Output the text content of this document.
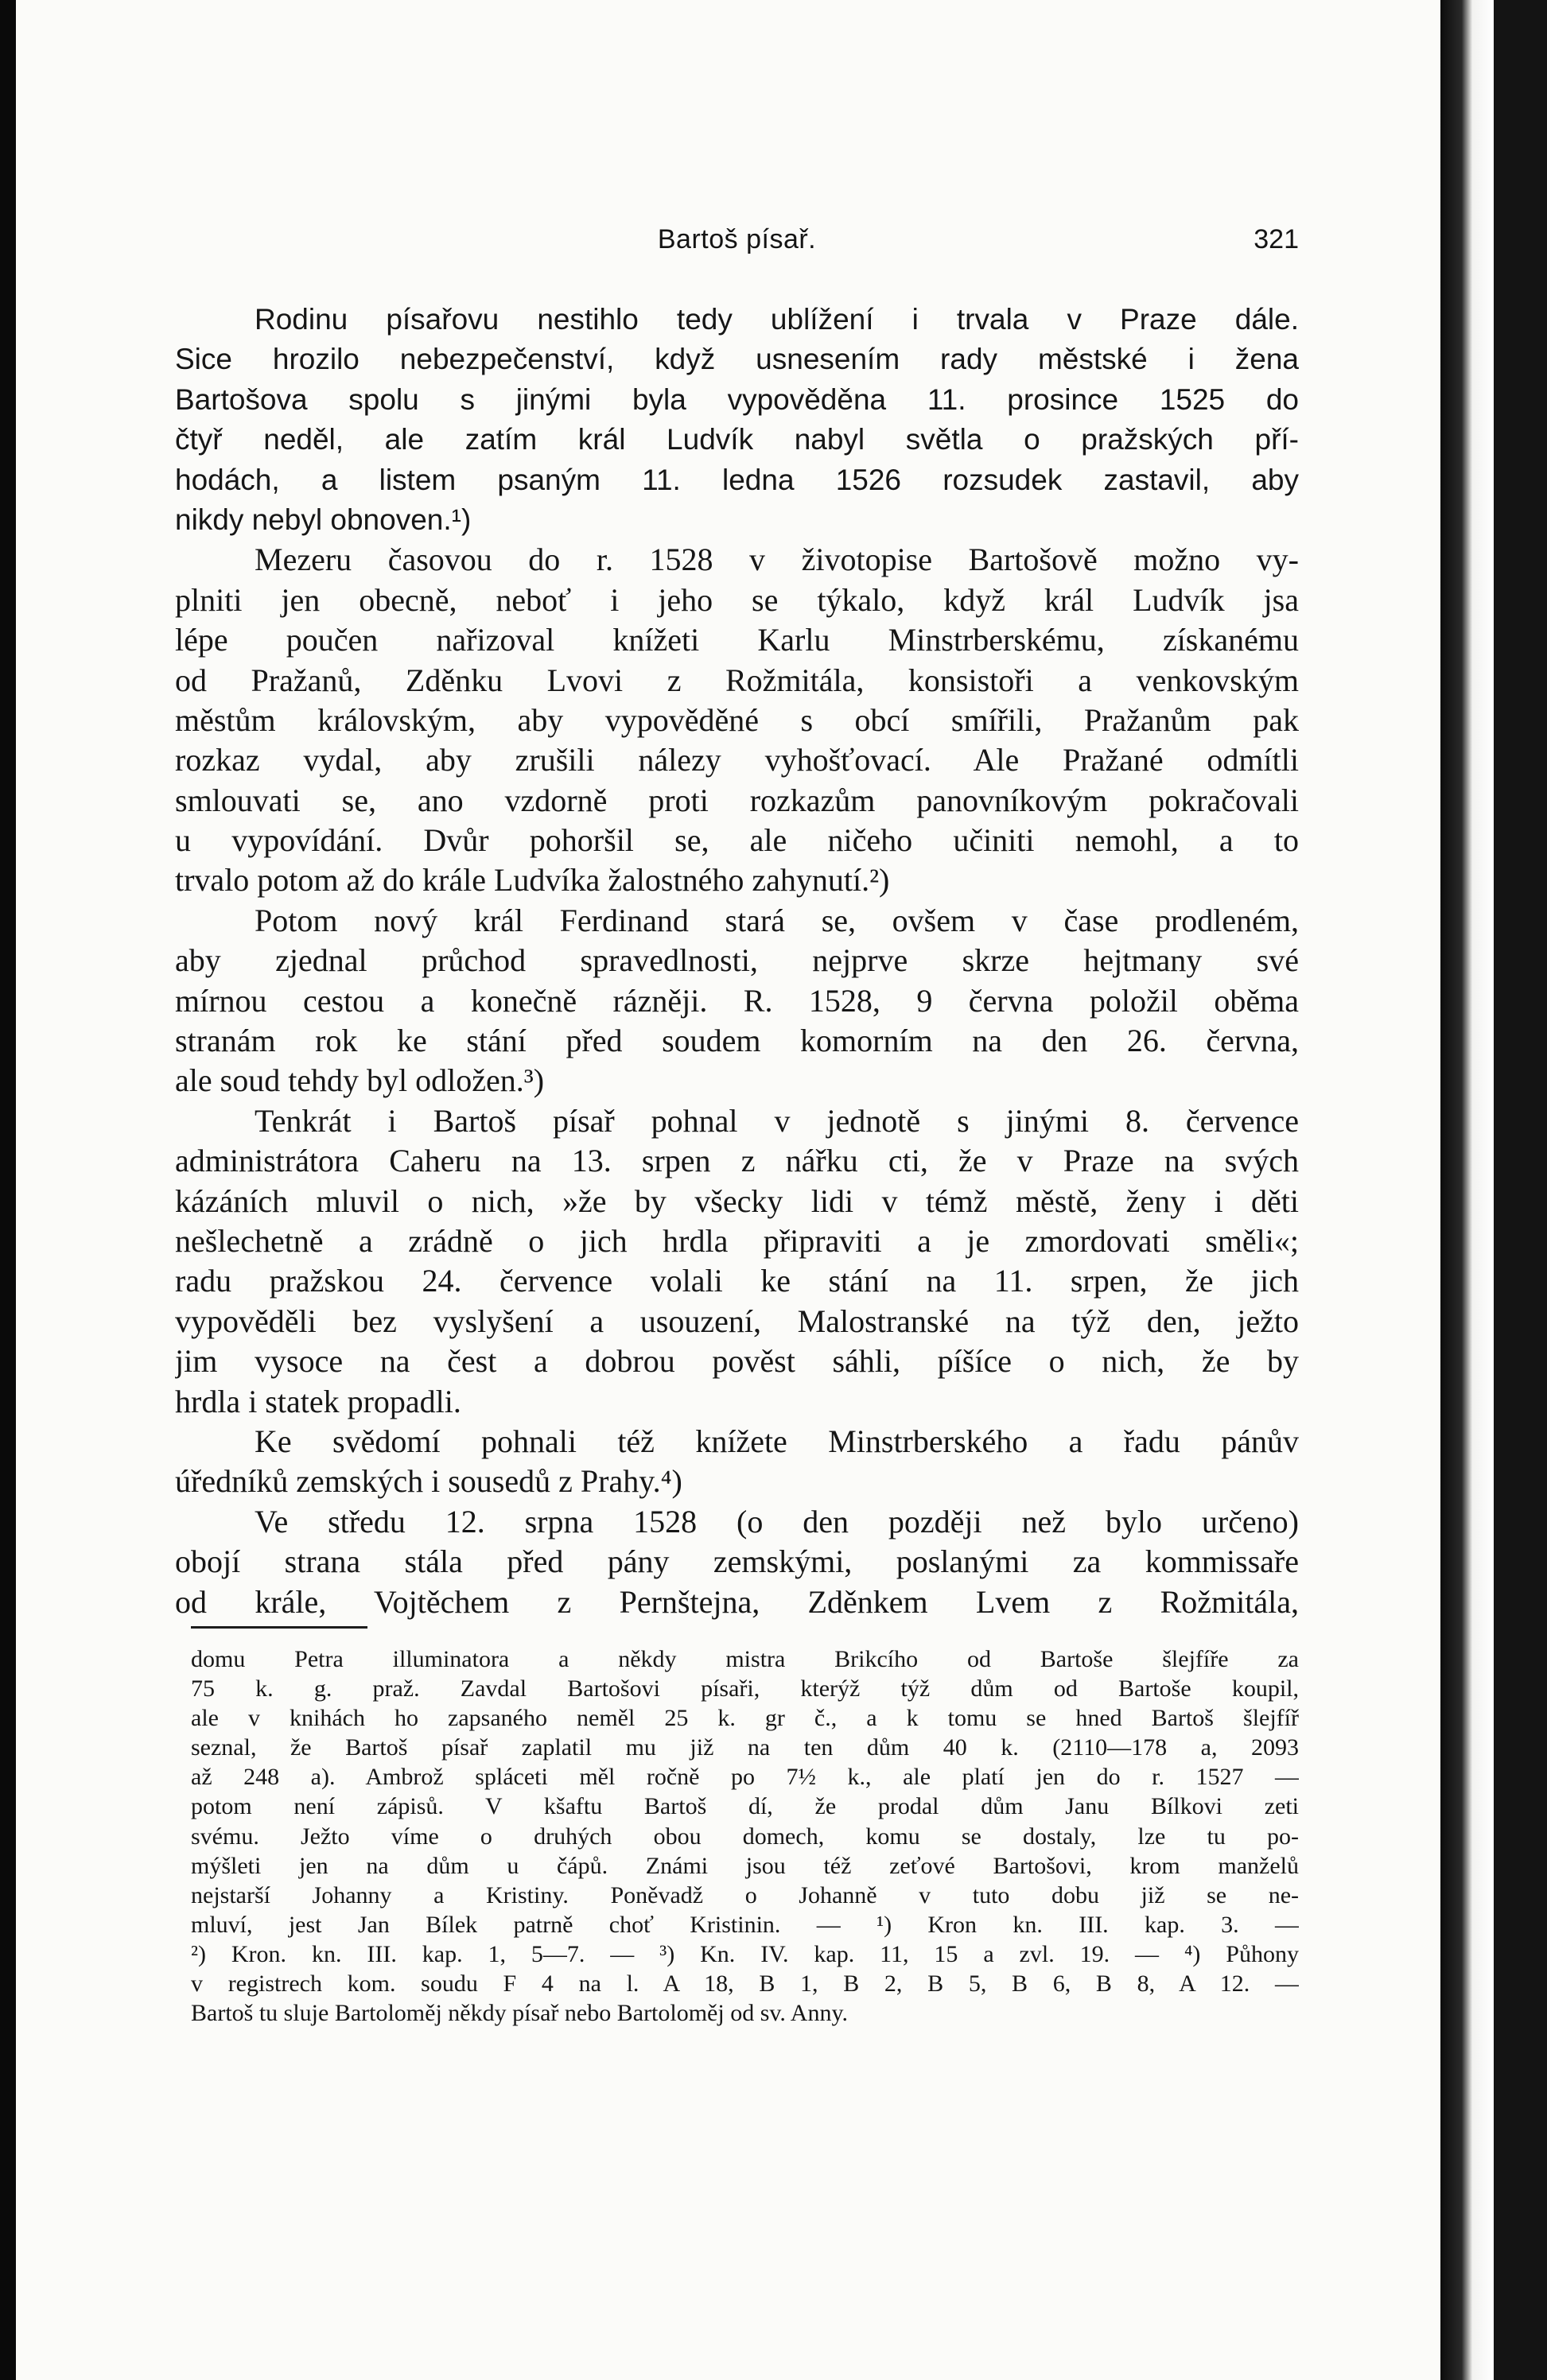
Bartoš písař.	321
Rodinu písařovu nestihlo tedy ublížení i trvala v Praze dále.
Sice hrozilo nebezpečenství, když usnesením rady městské i žena
Bartošova spolu s jinými byla vypověděna 11. prosince 1525 do
čtyř neděl, ale zatím král Ludvík nabyl světla o pražských pří-
hodách, a listem psaným 11. ledna 1526 rozsudek zastavil, aby
nikdy nebyl obnoven.¹)
Mezeru časovou do r. 1528 v životopise Bartošově možno vy-
plniti jen obecně, neboť i jeho se týkalo, když král Ludvík jsa
lépe poučen nařizoval knížeti Karlu Minstrberskému, získanému
od Pražanů, Zděnku Lvovi z Rožmitála, konsistoři a venkovským
městům královským, aby vypověděné s obcí smířili, Pražanům pak
rozkaz vydal, aby zrušili nálezy vyhošťovací. Ale Pražané odmítli
smlouvati se, ano vzdorně proti rozkazům panovníkovým pokračovali
u vypovídání. Dvůr pohoršil se, ale ničeho učiniti nemohl, a to
trvalo potom až do krále Ludvíka žalostného zahynutí.²)
Potom nový král Ferdinand stará se, ovšem v čase prodleném,
aby zjednal průchod spravedlnosti, nejprve skrze hejtmany své
mírnou cestou a konečně rázněji. R. 1528, 9 června položil oběma
stranám rok ke stání před soudem komorním na den 26. června,
ale soud tehdy byl odložen.³)
Tenkrát i Bartoš písař pohnal v jednotě s jinými 8. července
administrátora Caheru na 13. srpen z nářku cti, že v Praze na svých
kázáních mluvil o nich, »že by všecky lidi v témž městě, ženy i děti
nešlechetně a zrádně o jich hrdla připraviti a je zmordovati směli«;
radu pražskou 24. července volali ke stání na 11. srpen, že jich
vypověděli bez vyslyšení a usouzení, Malostranské na týž den, ježto
jim vysoce na čest a dobrou pověst sáhli, píšíce o nich, že by
hrdla i statek propadli.
Ke svědomí pohnali též knížete Minstrberského a řadu pánův
úředníků zemských i sousedů z Prahy.⁴)
Ve středu 12. srpna 1528 (o den později než bylo určeno)
obojí strana stála před pány zemskými, poslanými za kommissaře
od krále, Vojtěchem z Pernštejna, Zděnkem Lvem z Rožmitála,
domu Petra illuminatora a někdy mistra Brikcího od Bartoše šlejfíře za
75 k. g. praž. Zavdal Bartošovi písaři, kterýž týž dům od Bartoše koupil,
ale v knihách ho zapsaného neměl 25 k. gr č., a k tomu se hned Bartoš šlejfíř
seznal, že Bartoš písař zaplatil mu již na ten dům 40 k. (2110—178 a, 2093
až 248 a). Ambrož spláceti měl ročně po 7½ k., ale platí jen do r. 1527 —
potom není zápisů. V kšaftu Bartoš dí, že prodal dům Janu Bílkovi zeti
svému. Ježto víme o druhých obou domech, komu se dostaly, lze tu po-
mýšleti jen na dům u čápů. Známi jsou též zeťové Bartošovi, krom manželů
nejstarší Johanny a Kristiny. Poněvadž o Johanně v tuto dobu již se ne-
mluví, jest Jan Bílek patrně choť Kristinin. — ¹) Kron kn. III. kap. 3. —
²) Kron. kn. III. kap. 1, 5—7. — ³) Kn. IV. kap. 11, 15 a zvl. 19. — ⁴) Půhony
v registrech kom. soudu F 4 na l. A 18, B 1, B 2, B 5, B 6, B 8, A 12. —
Bartoš tu sluje Bartoloměj někdy písař nebo Bartoloměj od sv. Anny.
